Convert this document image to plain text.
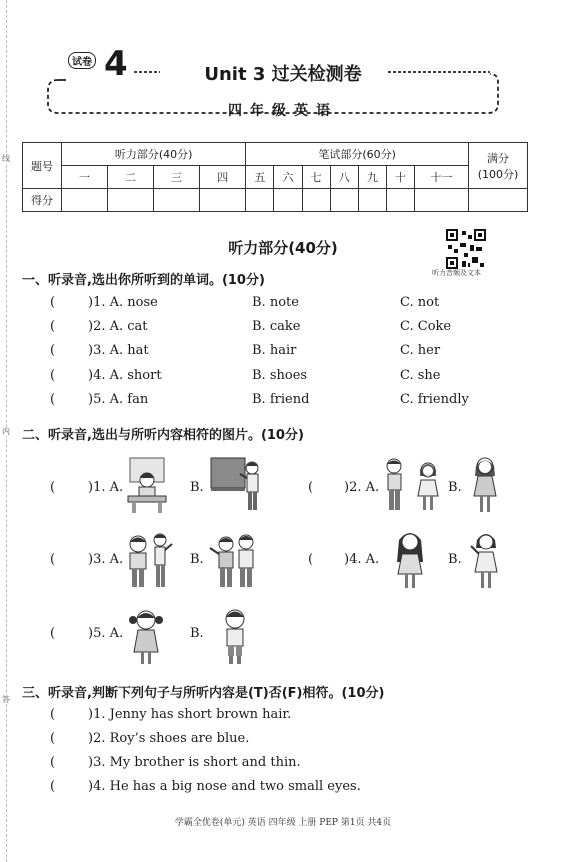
线
内
答
试卷 4	Unit 3 过关检测卷
四年级英语
题号	听力部分(40分)				笔试部分(60分)							满分
(100分)

	一	二	三	四	五	六	七	八	九	十	十一	
得分												
听力部分(40分)
听力音频及文本
一、听录音,选出你所听到的单词。(10分)
(	)1. A. nose	B. note	C. not
(	)2. A. cat	B. cake	C. Coke
(	)3. A. hat	B. hair	C. her
(	)4. A. short	B. shoes	C. she
(	)5. A. fan	B. friend	C. friendly
二、听录音,选出与所听内容相符的图片。(10分)
(	)1. A.	B.	( )2. A.	B.
(	)3. A.	B.	( )4. A.	B.
(	)5. A.	B.
三、听录音,判断下列句子与所听内容是(T)否(F)相符。(10分)
(	)1. Jenny has short brown hair.
(	)2. Roy’s shoes are blue.
(	)3. My brother is short and thin.
(	)4. He has a big nose and two small eyes.
学霸全优卷(单元) 英语 四年级 上册 PEP 第1页 共4页
